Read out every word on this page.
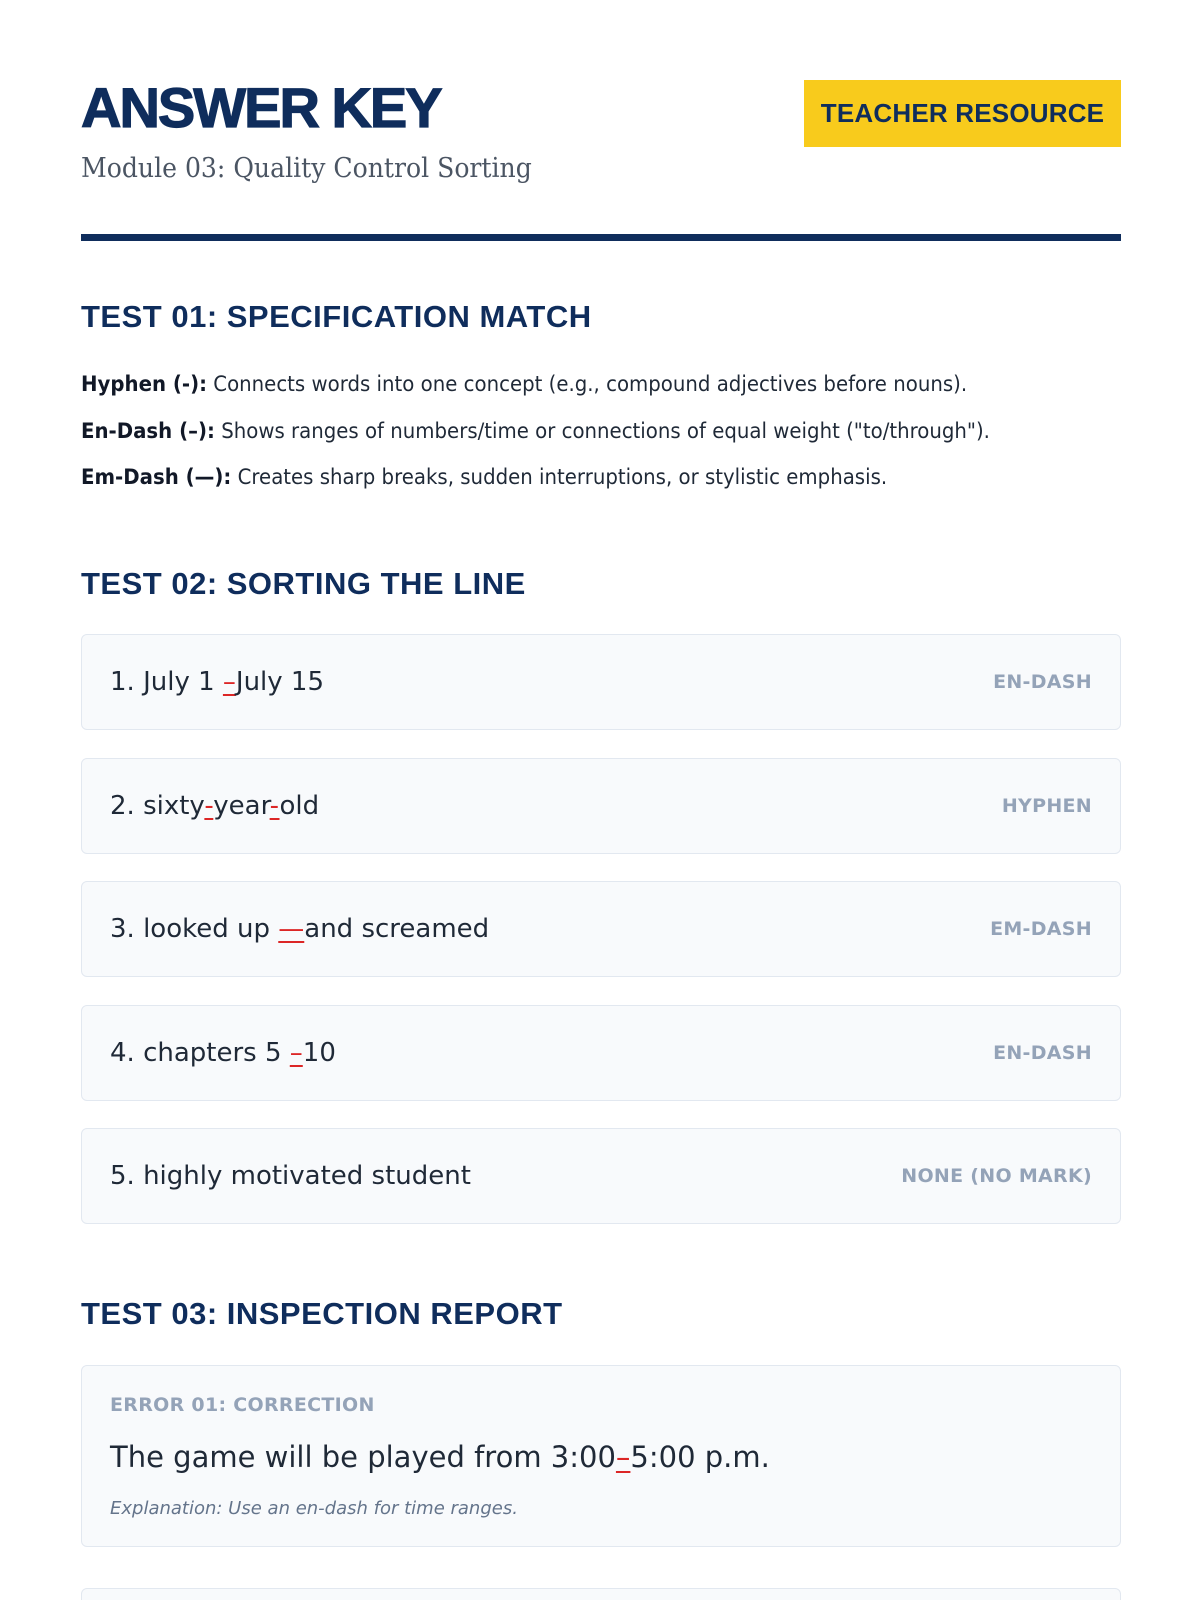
ANSWER KEY
Module 03: Quality Control Sorting
TEACHER RESOURCE
TEST 01: SPECIFICATION MATCH
Hyphen (-): Connects words into one concept (e.g., compound adjectives before nouns).
En-Dash (–): Shows ranges of numbers/time or connections of equal weight ("to/through").
Em-Dash (—): Creates sharp breaks, sudden interruptions, or stylistic emphasis.
TEST 02: SORTING THE LINE
1. July 1 –July 15	EN-DASH
2. sixty-year-old	HYPHEN
3. looked up —and screamed	EM-DASH
4. chapters 5 –10	EN-DASH
5. highly motivated student	NONE (NO MARK)
TEST 03: INSPECTION REPORT
ERROR 01: CORRECTION
The game will be played from 3:00–5:00 p.m.
Explanation: Use an en-dash for time ranges.
